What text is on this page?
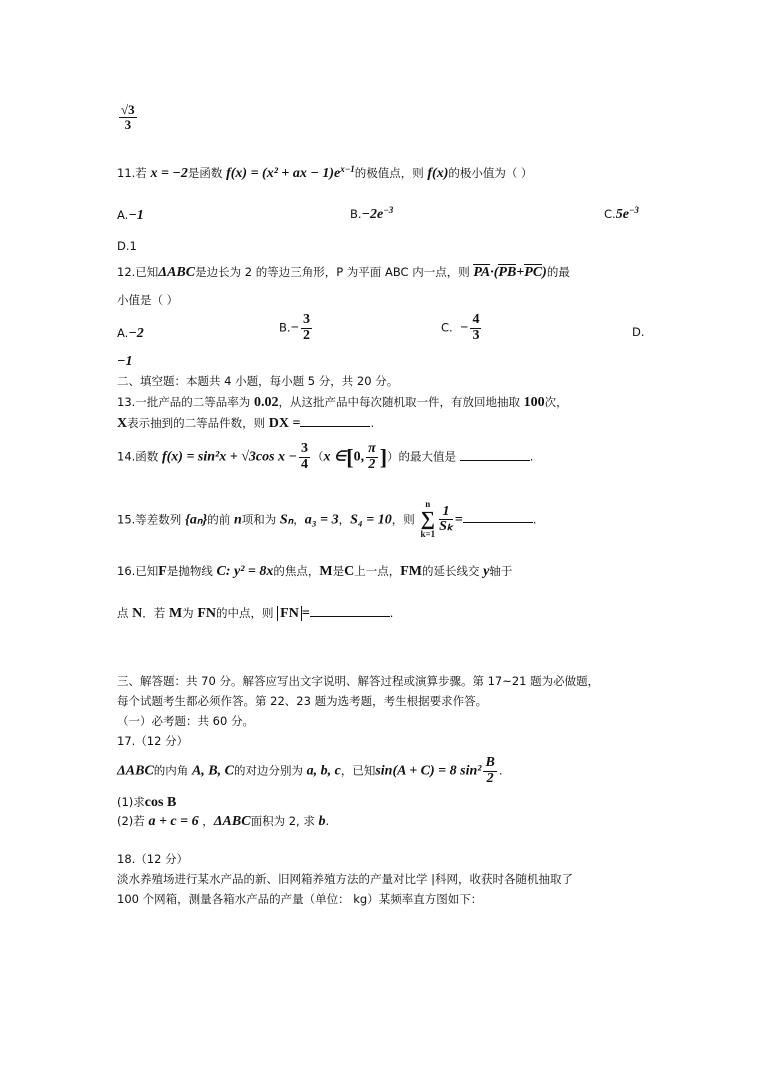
$\frac{√3}{3}$
11.若 x = −2是函数 f(x) = (x² + ax − $1)e^{x-1}$的极值点，则 f(x)的极小值为（ ）
A.−1	$B.-2e^{-3}$	$C.5e^{-3}$
D.1
12.已知ΔABC是边长为 2 的等边三角形，P 为平面 ABC 内一点，则 PA·(PB+PC)的最
小值是（ ）
A.−2	$B.- \frac{3}{2}$	C. − $\frac{4}{3}$	D.
−1
二、填空题：本题共 4 小题，每小题 5 分，共 20 分。
13.一批产品的二等品率为 0.02，从这批产品中每次随机取一件，有放回地抽取 100次，
X表示抽到的二等品件数，则 DX =	.
14.函数 f(x) = sin²x + √3cos $x - \frac{3}{4} (x$ ∈[0, $\frac{\pi}{2}$ ]）的最大值是	.
15.等差数列 {aₙ}的前 n项和为 Sₙ，a₃ = 3，S₄ = 10，则
n
∑
$k=1 \frac{1}{\text{Sₖ}}$ =	.
16.已知F是抛物线 C: y² = 8x的焦点，M是C上一点，FM的延长线交 y轴于
点 N．若 M为 FN的中点，则 FN =	.
三、解答题：共 70 分。解答应写出文字说明、解答过程或演算步骤。第 17~21 题为必做题，
每个试题考生都必须作答。第 22、23 题为选考题，考生根据要求作答。
（一）必考题：共 60 分。
17.（12 分）
ΔABC的内角 A, B, C的对边分别为 a, b, c，已知sin(A + C) = 8 $\sin^2 \frac{B}{2}$ .
(1)求cos B
(2)若 a + c = 6 ，ΔABC面积为 2, 求 b.
18.（12 分）
淡水养殖场进行某水产品的新、旧网箱养殖方法的产量对比学 |科网，收获时各随机抽取了
100 个网箱，测量各箱水产品的产量（单位： kg）某频率直方图如下：
